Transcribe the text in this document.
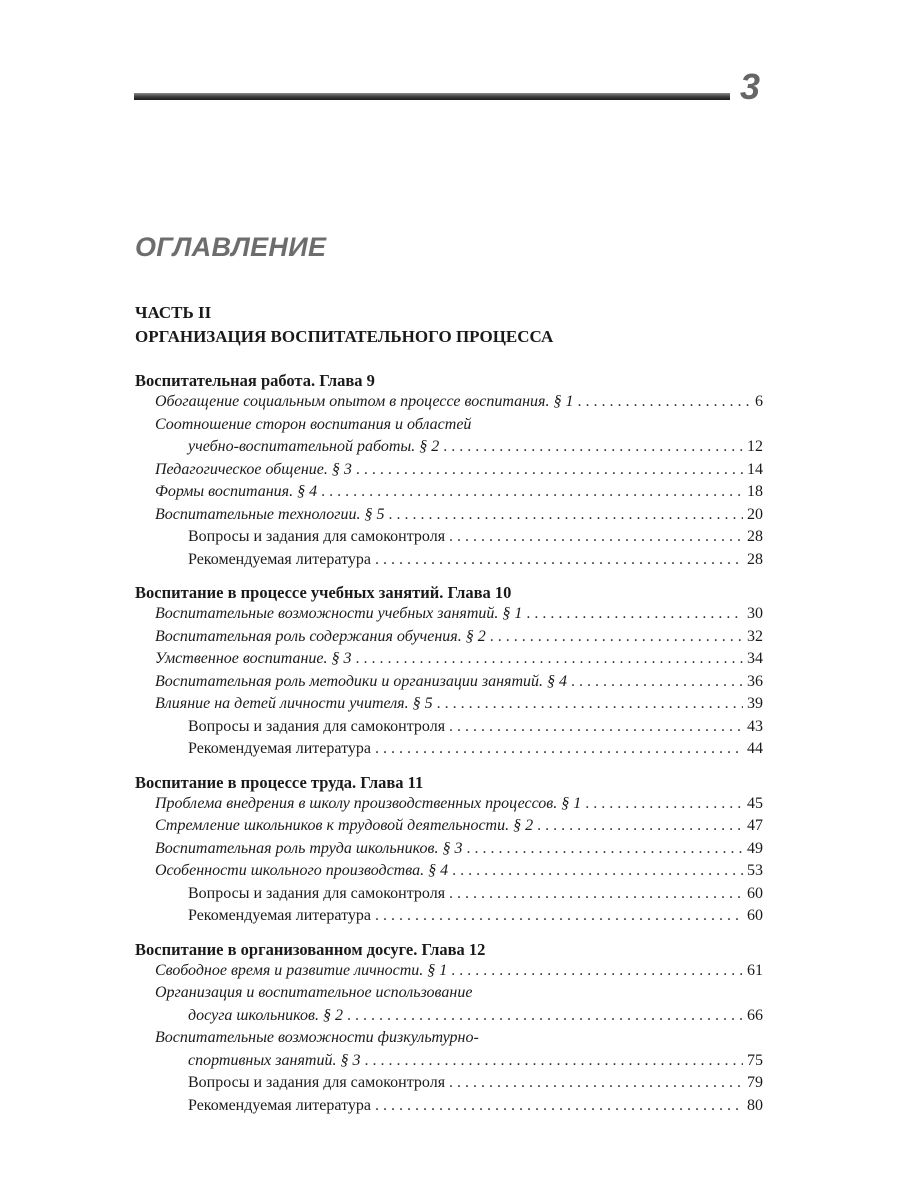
3
ОГЛАВЛЕНИЕ
ЧАСТЬ II
ОРГАНИЗАЦИЯ ВОСПИТАТЕЛЬНОГО ПРОЦЕССА
Воспитательная работа. Глава 9
Обогащение социальным опытом в процессе воспитания. § 1 . . .	6
Соотношение сторон воспитания и областей
учебно-воспитательной работы. § 2 . . .	12
Педагогическое общение. § 3 . . .	14
Формы воспитания. § 4 . . .	18
Воспитательные технологии. § 5 . . .	20
Вопросы и задания для самоконтроля . . .	28
Рекомендуемая литература . . .	28
Воспитание в процессе учебных занятий. Глава 10
Воспитательные возможности учебных занятий. § 1 . . .	30
Воспитательная роль содержания обучения. § 2 . . .	32
Умственное воспитание. § 3 . . .	34
Воспитательная роль методики и организации занятий. § 4 . . .	36
Влияние на детей личности учителя. § 5 . . .	39
Вопросы и задания для самоконтроля . . .	43
Рекомендуемая литература . . .	44
Воспитание в процессе труда. Глава 11
Проблема внедрения в школу производственных процессов. § 1 . . .	45
Стремление школьников к трудовой деятельности. § 2 . . .	47
Воспитательная роль труда школьников. § 3 . . .	49
Особенности школьного производства. § 4 . . .	53
Вопросы и задания для самоконтроля . . .	60
Рекомендуемая литература . . .	60
Воспитание в организованном досуге. Глава 12
Свободное время и развитие личности. § 1 . . .	61
Организация и воспитательное использование
досуга школьников. § 2 . . .	66
Воспитательные возможности физкультурно-
спортивных занятий. § 3 . . .	75
Вопросы и задания для самоконтроля . . .	79
Рекомендуемая литература . . .	80
